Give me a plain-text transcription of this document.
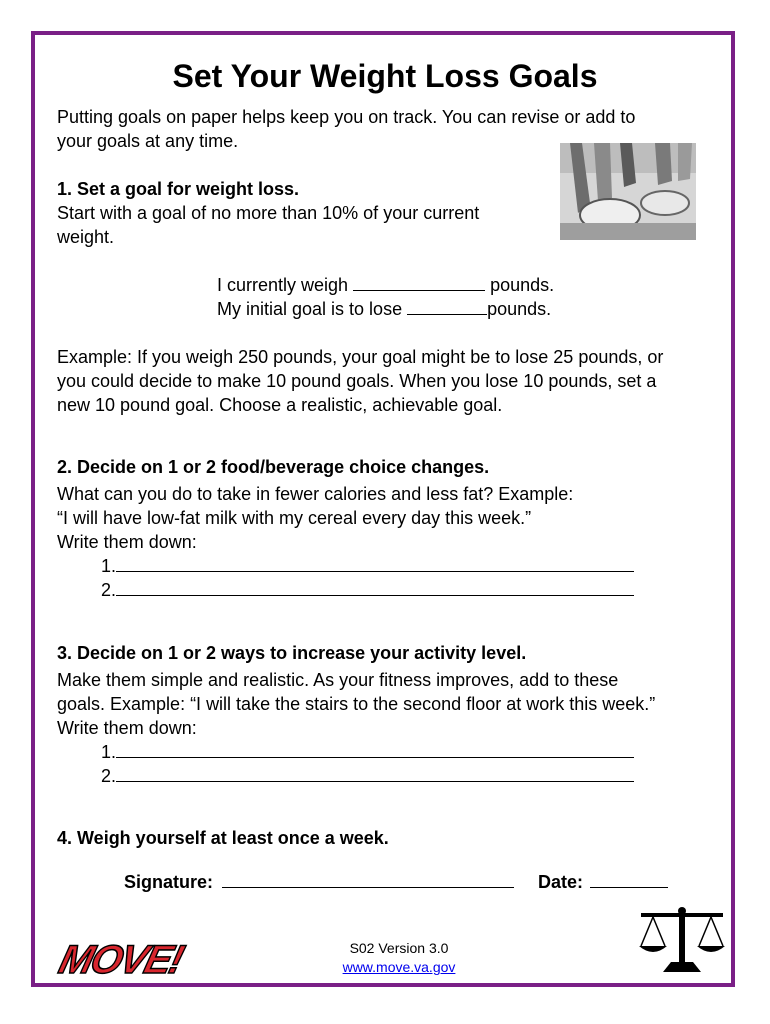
Set Your Weight Loss Goals
Putting goals on paper helps keep you on track. You can revise or add to
your goals at any time.
1. Set a goal for weight loss.
Start with a goal of no more than 10% of your current
weight.
I currently weigh	pounds.
My initial goal is to lose	pounds.
Example: If you weigh 250 pounds, your goal might be to lose 25 pounds, or
you could decide to make 10 pound goals. When you lose 10 pounds, set a
new 10 pound goal. Choose a realistic, achievable goal.
2. Decide on 1 or 2 food/beverage choice changes.
What can you do to take in fewer calories and less fat? Example:
“I will have low-fat milk with my cereal every day this week.”
Write them down:
1.
2.
3. Decide on 1 or 2 ways to increase your activity level.
Make them simple and realistic. As your fitness improves, add to these
goals. Example: “I will take the stairs to the second floor at work this week.”
Write them down:
1.
2.
4. Weigh yourself at least once a week.
Signature:	Date:
MOVE!	S02 Version 3.0
www.move.va.gov
